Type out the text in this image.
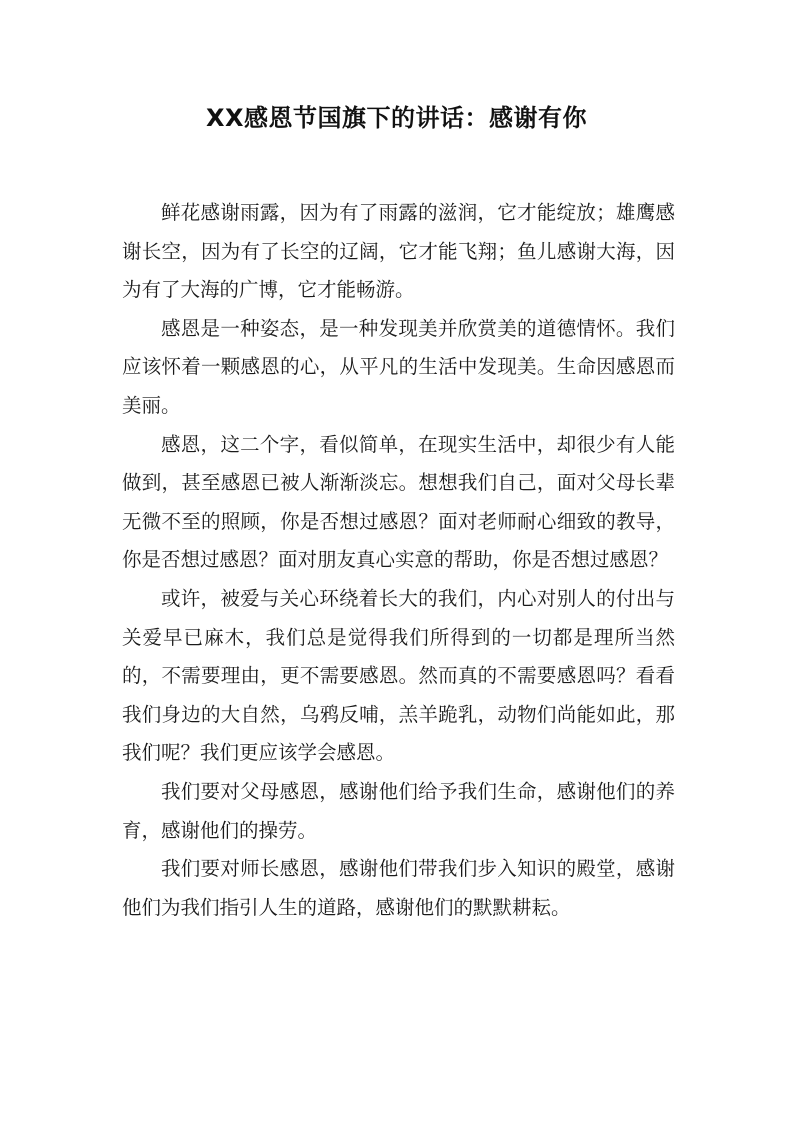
XX感恩节国旗下的讲话：感谢有你

鲜花感谢雨露，因为有了雨露的滋润，它才能绽放；雄鹰感谢长空，因为有了长空的辽阔，它才能飞翔；鱼儿感谢大海，因为有了大海的广博，它才能畅游。

感恩是一种姿态，是一种发现美并欣赏美的道德情怀。我们应该怀着一颗感恩的心，从平凡的生活中发现美。生命因感恩而美丽。

感恩，这二个字，看似简单，在现实生活中，却很少有人能做到，甚至感恩已被人渐渐淡忘。想想我们自己，面对父母长辈无微不至的照顾，你是否想过感恩？面对老师耐心细致的教导，你是否想过感恩？面对朋友真心实意的帮助，你是否想过感恩？

或许，被爱与关心环绕着长大的我们，内心对别人的付出与关爱早已麻木，我们总是觉得我们所得到的一切都是理所当然的，不需要理由，更不需要感恩。然而真的不需要感恩吗？看看我们身边的大自然，乌鸦反哺，羔羊跪乳，动物们尚能如此，那我们呢？我们更应该学会感恩。

我们要对父母感恩，感谢他们给予我们生命，感谢他们的养育，感谢他们的操劳。

我们要对师长感恩，感谢他们带我们步入知识的殿堂，感谢他们为我们指引人生的道路，感谢他们的默默耕耘。
